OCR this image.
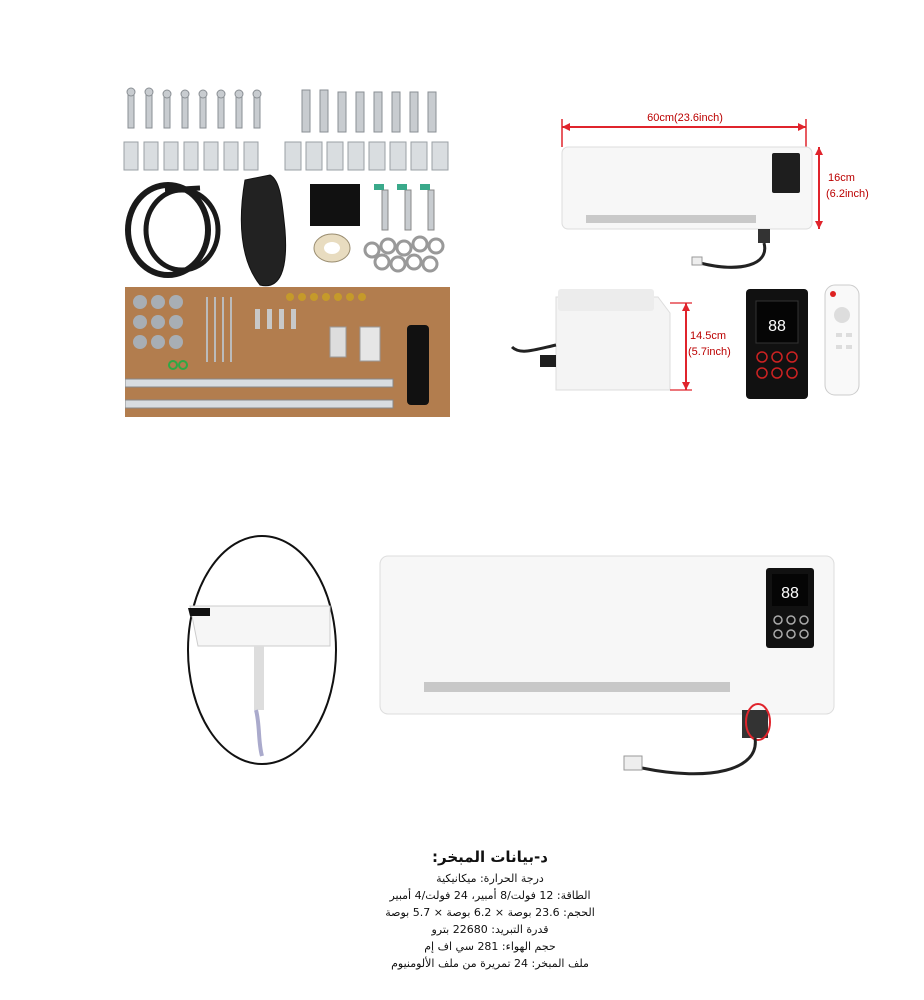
88
60cm(23.6inch)
16cm
(6.2inch)
14.5cm
(5.7inch)
88
د-بيانات المبخر:

درجة الحرارة: ميكانيكية

الطاقة: 12 فولت/8 أمبير، 24 فولت/4 أمبير

الحجم: 23.6 بوصة × 6.2 بوصة × 5.7 بوصة

قدرة التبريد: 22680 بترو

حجم الهواء: 281 سي اف إم

ملف المبخر: 24 تمريرة من ملف الألومنيوم
